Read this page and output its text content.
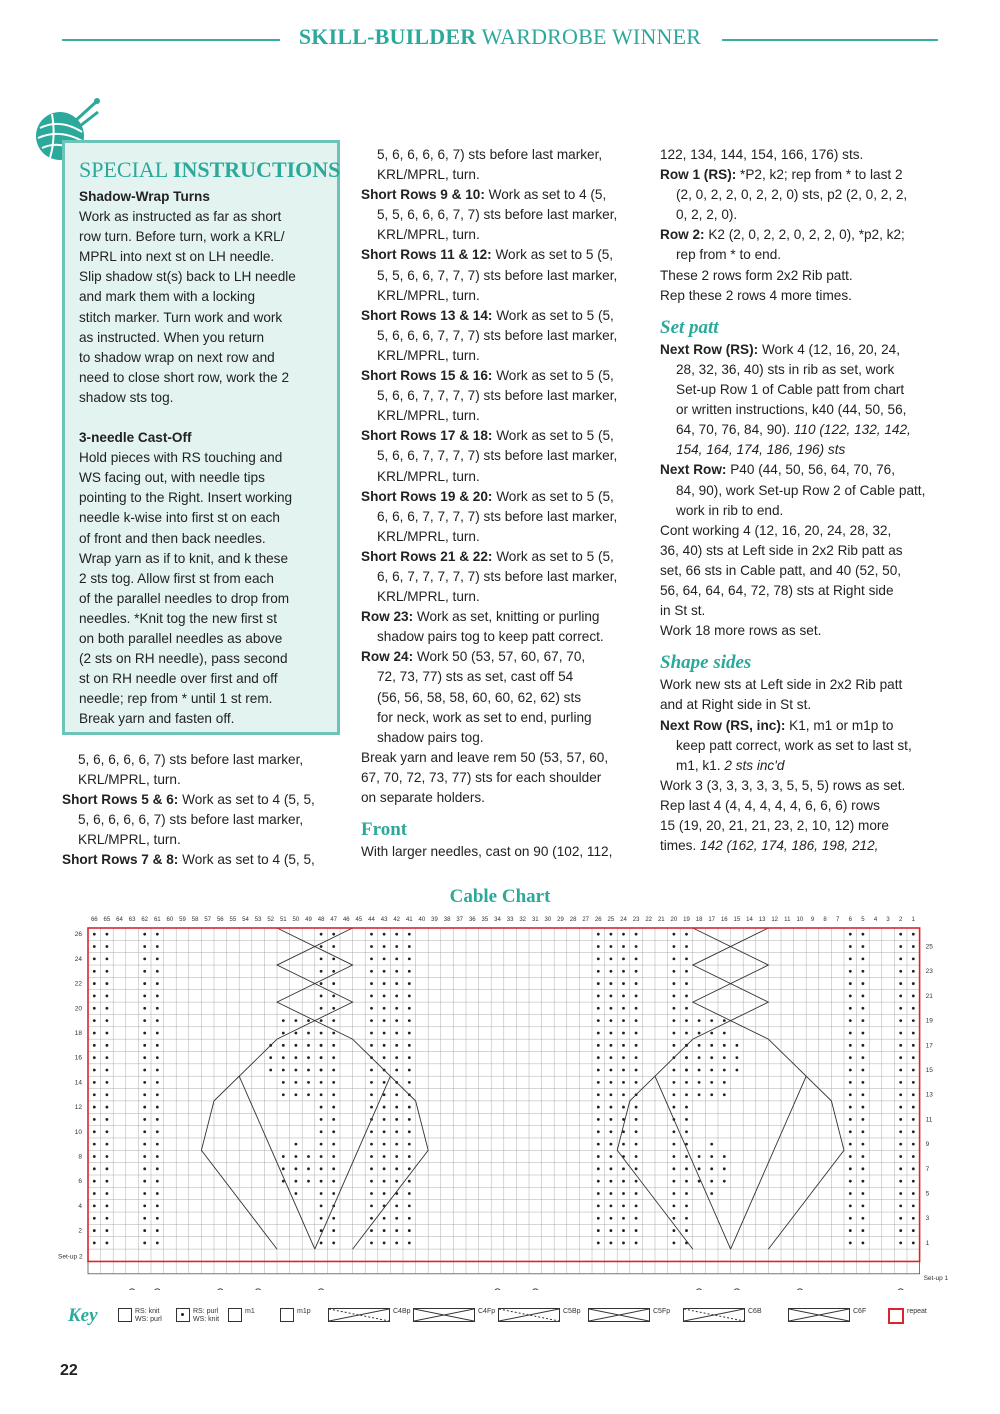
SKILL-BUILDER WARDROBE WINNER
SPECIAL INSTRUCTIONS

Shadow-Wrap Turns

Work as instructed as far as short

row turn. Before turn, work a KRL/

MPRL into next st on LH needle.

Slip shadow st(s) back to LH needle

and mark them with a locking

stitch marker. Turn work and work

as instructed. When you return

to shadow wrap on next row and

need to close short row, work the 2

shadow sts tog.

3-needle Cast-Off

Hold pieces with RS touching and

WS facing out, with needle tips

pointing to the Right. Insert working

needle k-wise into first st on each

of front and then back needles.

Wrap yarn as if to knit, and k these

2 sts tog. Allow first st from each

of the parallel needles to drop from

needles. *Knit tog the new first st

on both parallel needles as above

(2 sts on RH needle), pass second

st on RH needle over first and off

needle; rep from * until 1 st rem.

Break yarn and fasten off.

5, 6, 6, 6, 6, 7) sts before last marker,

KRL/MPRL, turn.

Short Rows 5 & 6: Work as set to 4 (5, 5,

5, 6, 6, 6, 6, 7) sts before last marker,

KRL/MPRL, turn.

Short Rows 7 & 8: Work as set to 4 (5, 5,

5, 6, 6, 6, 6, 7) sts before last marker,

KRL/MPRL, turn.

Short Rows 9 & 10: Work as set to 4 (5,

5, 5, 6, 6, 6, 7, 7) sts before last marker,

KRL/MPRL, turn.

Short Rows 11 & 12: Work as set to 5 (5,

5, 5, 6, 6, 7, 7, 7) sts before last marker,

KRL/MPRL, turn.

Short Rows 13 & 14: Work as set to 5 (5,

5, 6, 6, 6, 7, 7, 7) sts before last marker,

KRL/MPRL, turn.

Short Rows 15 & 16: Work as set to 5 (5,

5, 6, 6, 7, 7, 7, 7) sts before last marker,

KRL/MPRL, turn.

Short Rows 17 & 18: Work as set to 5 (5,

5, 6, 6, 7, 7, 7, 7) sts before last marker,

KRL/MPRL, turn.

Short Rows 19 & 20: Work as set to 5 (5,

6, 6, 6, 7, 7, 7, 7) sts before last marker,

KRL/MPRL, turn.

Short Rows 21 & 22: Work as set to 5 (5,

6, 6, 7, 7, 7, 7, 7) sts before last marker,

KRL/MPRL, turn.

Row 23: Work as set, knitting or purling

shadow pairs tog to keep patt correct.

Row 24: Work 50 (53, 57, 60, 67, 70,

72, 73, 77) sts as set, cast off 54

(56, 56, 58, 58, 60, 60, 62, 62) sts

for neck, work as set to end, purling

shadow pairs tog.

Break yarn and leave rem 50 (53, 57, 60,

67, 70, 72, 73, 77) sts for each shoulder

on separate holders.

Front

With larger needles, cast on 90 (102, 112,

122, 134, 144, 154, 166, 176) sts.

Row 1 (RS): *P2, k2; rep from * to last 2

(2, 0, 2, 2, 0, 2, 2, 0) sts, p2 (2, 0, 2, 2,

0, 2, 2, 0).

Row 2: K2 (2, 0, 2, 2, 0, 2, 2, 0), *p2, k2;

rep from * to end.

These 2 rows form 2x2 Rib patt.

Rep these 2 rows 4 more times.

Set patt

Next Row (RS): Work 4 (12, 16, 20, 24,

28, 32, 36, 40) sts in rib as set, work

Set-up Row 1 of Cable patt from chart

or written instructions, k40 (44, 50, 56,

64, 70, 76, 84, 90). 110 (122, 132, 142,

154, 164, 174, 186, 196) sts

Next Row: P40 (44, 50, 56, 64, 70, 76,

84, 90), work Set-up Row 2 of Cable patt,

work in rib to end.

Cont working 4 (12, 16, 20, 24, 28, 32,

36, 40) sts at Left side in 2x2 Rib patt as

set, 66 sts in Cable patt, and 40 (52, 50,

56, 64, 64, 64, 72, 78) sts at Right side

in St st.

Work 18 more rows as set.

Shape sides

Work new sts at Left side in 2x2 Rib patt

and at Right side in St st.

Next Row (RS, inc): K1, m1 or m1p to

keep patt correct, work as set to last st,

m1, k1. 2 sts inc'd

Work 3 (3, 3, 3, 3, 3, 5, 5, 5) rows as set.

Rep last 4 (4, 4, 4, 4, 4, 6, 6, 6) rows

15 (19, 20, 21, 21, 23, 2, 10, 12) more

times. 142 (162, 174, 186, 198, 212,

Cable Chart
66 65 64 63 62 61 60 59 58 57 56 55 54 53 52 51 50 49 48 47 46 45 44 43 42 41 40 39 38 37 36 35 34 33 32 31 30 29 28 27 26 25 24 23 22 21 20 19 18 17 16 15 14 13 12 11 10 9 8 7 6 5 4 3 2 1
1
2
3
4
5
6
7
8
9
10
11
12
13
14
15
16
17
18
19
20
21
22
23
24
25
26
Set-up 2
Set-up 1
Key	RS: knit
WS: purl
RS: purl
WS: knit
m1	m1p	C4Bp	C4Fp	C5Bp	C5Fp	C6B	C6F	repeat
22
